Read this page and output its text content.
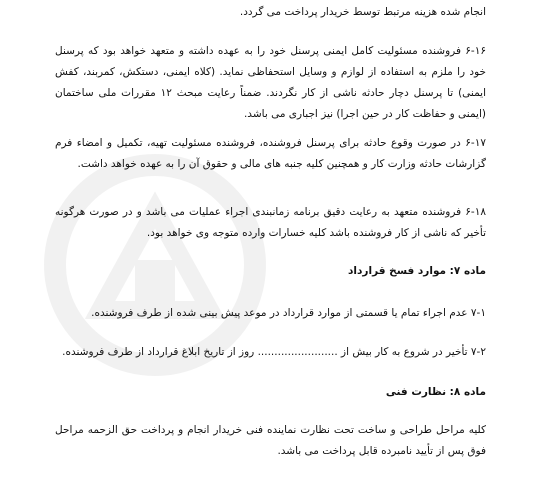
انجام شده هزینه مرتبط توسط خریدار پرداخت می گردد.

۶-۱۶ فروشنده مسئولیت کامل ایمنی پرسنل خود را به عهده داشته و متعهد خواهد بود که پرسنل خود را ملزم به استفاده از لوازم و وسایل استحفاظی نماید. (کلاه ایمنی، دستکش، کمربند، کفش ایمنی) تا پرسنل دچار حادثه ناشی از کار نگردند. ضمناً رعایت مبحث ۱۲ مقررات ملی ساختمان (ایمنی و حفاظت کار در حین اجرا) نیز اجباری می باشد.

۶-۱۷ در صورت وقوع حادثه برای پرسنل فروشنده، فروشنده مسئولیت تهیه، تکمیل و امضاء فرم گزارشات حادثه وزارت کار و همچنین کلیه جنبه های مالی و حقوق آن را به عهده خواهد داشت.

۶-۱۸ فروشنده متعهد به رعایت دقیق برنامه زمانبندی اجراء عملیات می باشد و در صورت هرگونه تأخیر که ناشی از کار فروشنده باشد کلیه خسارات وارده متوجه وی خواهد بود.

ماده ۷: موارد فسخ قرارداد

۷-۱ عدم اجراء تمام یا قسمتی از موارد قرارداد در موعد پیش بینی شده از طرف فروشنده.

۷-۲ تأخیر در شروع به کار بیش از ........................ روز از تاریخ ابلاغ قرارداد از طرف فروشنده.

ماده ۸: نظارت فنی

کلیه مراحل طراحی و ساخت تحت نظارت نماینده فنی خریدار انجام و پرداخت حق الزحمه مراحل فوق پس از تأیید نامبرده قابل پرداخت می باشد.
